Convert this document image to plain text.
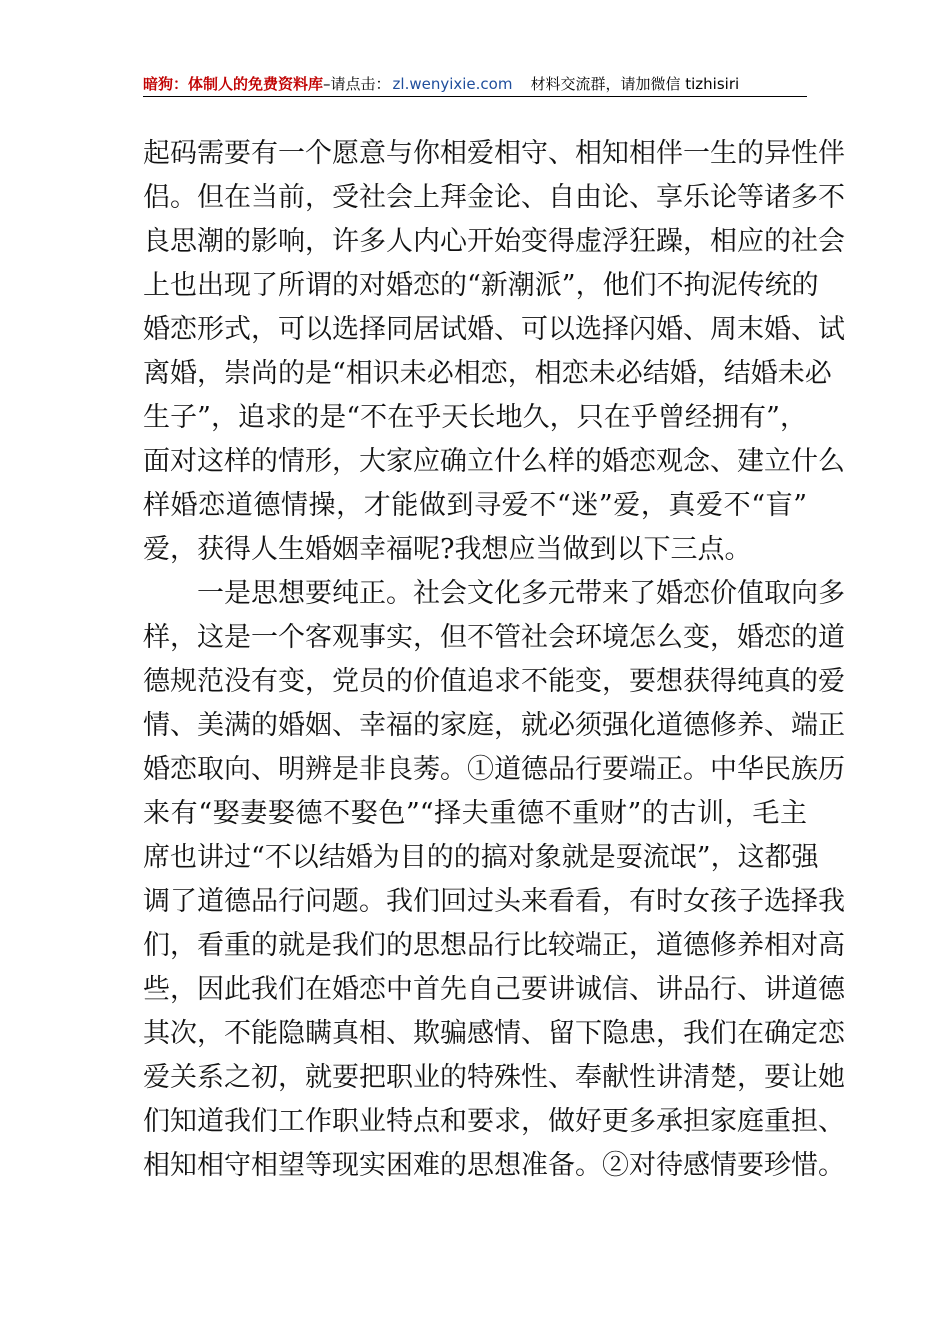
暗狗：体制人的免费资料库 –请点击： zl.wenyixie.com 材料交流群，请加微信 tizhisiri
起码需要有一个愿意与你相爱相守、相知相伴一生的异性伴
侣。但在当前，受社会上拜金论、自由论、享乐论等诸多不
良思潮的影响，许多人内心开始变得虚浮狂躁，相应的社会
上也出现了所谓的对婚恋的“新潮派”，他们不拘泥传统的
婚恋形式，可以选择同居试婚、可以选择闪婚、周末婚、试
离婚，崇尚的是“相识未必相恋，相恋未必结婚，结婚未必
生子”，追求的是“不在乎天长地久，只在乎曾经拥有”，
面对这样的情形，大家应确立什么样的婚恋观念、建立什么
样婚恋道德情操，才能做到寻爱不“迷”爱，真爱不“盲”
爱，获得人生婚姻幸福呢?我想应当做到以下三点。
一是思想要纯正。社会文化多元带来了婚恋价值取向多
样，这是一个客观事实，但不管社会环境怎么变，婚恋的道
德规范没有变，党员的价值追求不能变，要想获得纯真的爱
情、美满的婚姻、幸福的家庭，就必须强化道德修养、端正
婚恋取向、明辨是非良莠。①道德品行要端正。中华民族历
来有“娶妻娶德不娶色”“择夫重德不重财”的古训，毛主
席也讲过“不以结婚为目的的搞对象就是耍流氓”，这都强
调了道德品行问题。我们回过头来看看，有时女孩子选择我
们，看重的就是我们的思想品行比较端正，道德修养相对高
些，因此我们在婚恋中首先自己要讲诚信、讲品行、讲道德
其次，不能隐瞒真相、欺骗感情、留下隐患，我们在确定恋
爱关系之初，就要把职业的特殊性、奉献性讲清楚，要让她
们知道我们工作职业特点和要求，做好更多承担家庭重担、
相知相守相望等现实困难的思想准备。②对待感情要珍惜。
